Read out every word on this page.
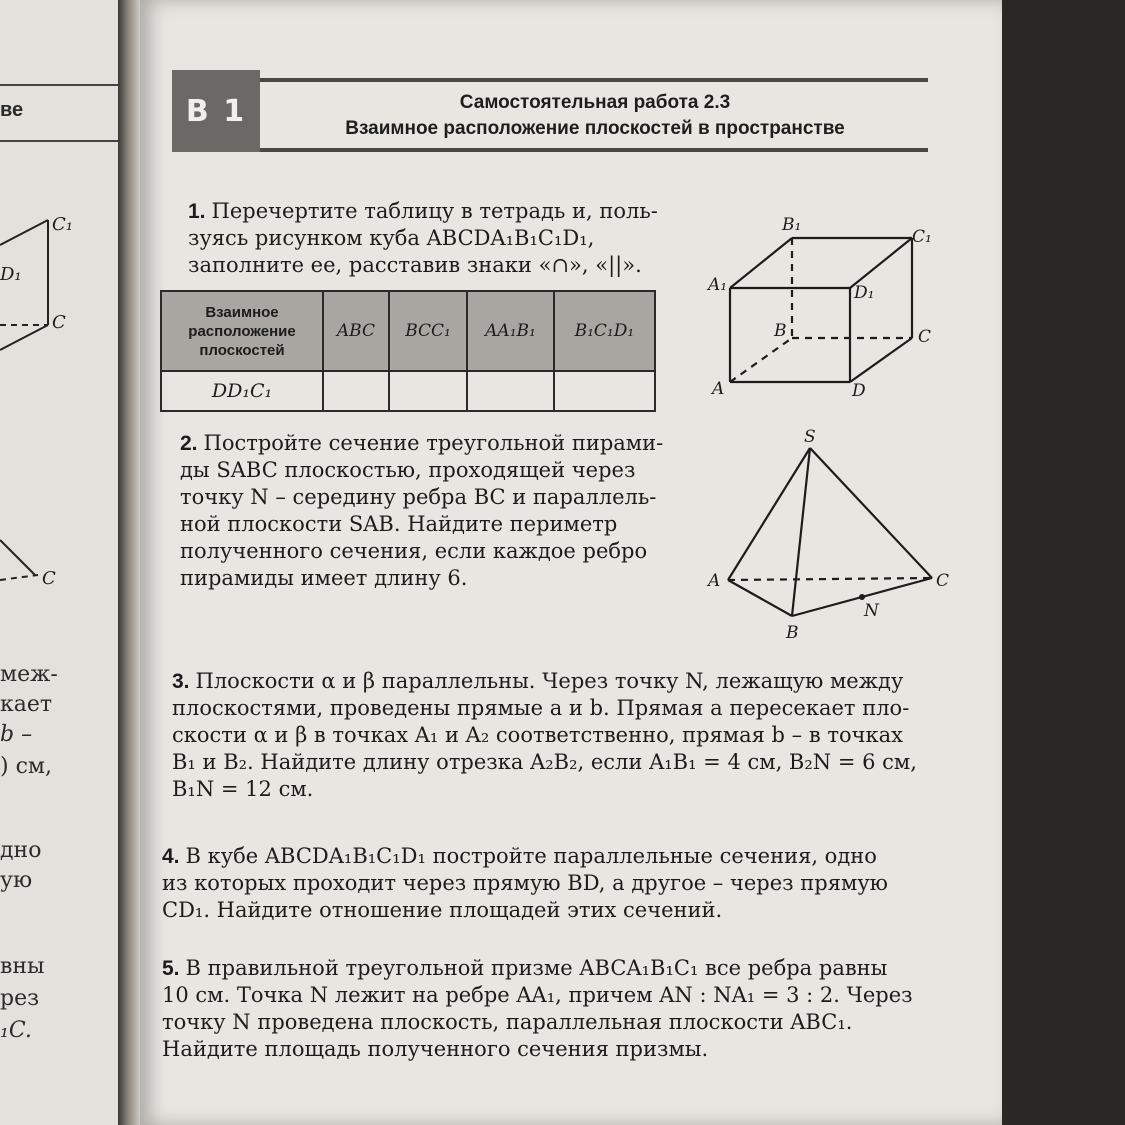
ве
C₁
D₁
C
C
меж-
кает
b –
) см,
дно
ую
вны
рез
₁C.
В 1	Самостоятельная работа 2.3
Взаимное расположение плоскостей в пространстве
1. Перечертите таблицу в тетрадь и, поль-
зуясь рисунком куба ABCDA₁B₁C₁D₁,
заполните ее, расставив знаки «∩», «||».
Взаимное
расположение
плоскостей	ABC	BCC₁	AA₁B₁	B₁C₁D₁
DD₁C₁				
B₁
C₁
A₁	D₁
B	C
A	D
2. Постройте сечение треугольной пирами-
ды SABC плоскостью, проходящей через
точку N – середину ребра BC и параллель-
ной плоскости SAB. Найдите периметр
полученного сечения, если каждое ребро
пирамиды имеет длину 6.
S
A	C
B
N
3. Плоскости α и β параллельны. Через точку N, лежащую между
плоскостями, проведены прямые a и b. Прямая a пересекает пло-
скости α и β в точках A₁ и A₂ соответственно, прямая b – в точках
B₁ и B₂. Найдите длину отрезка A₂B₂, если A₁B₁ = 4 см, B₂N = 6 см,
B₁N = 12 см.
4. В кубе ABCDA₁B₁C₁D₁ постройте параллельные сечения, одно
из которых проходит через прямую BD, а другое – через прямую
CD₁. Найдите отношение площадей этих сечений.
5. В правильной треугольной призме ABCA₁B₁C₁ все ребра равны
10 см. Точка N лежит на ребре AA₁, причем AN : NA₁ = 3 : 2. Через
точку N проведена плоскость, параллельная плоскости ABC₁.
Найдите площадь полученного сечения призмы.
